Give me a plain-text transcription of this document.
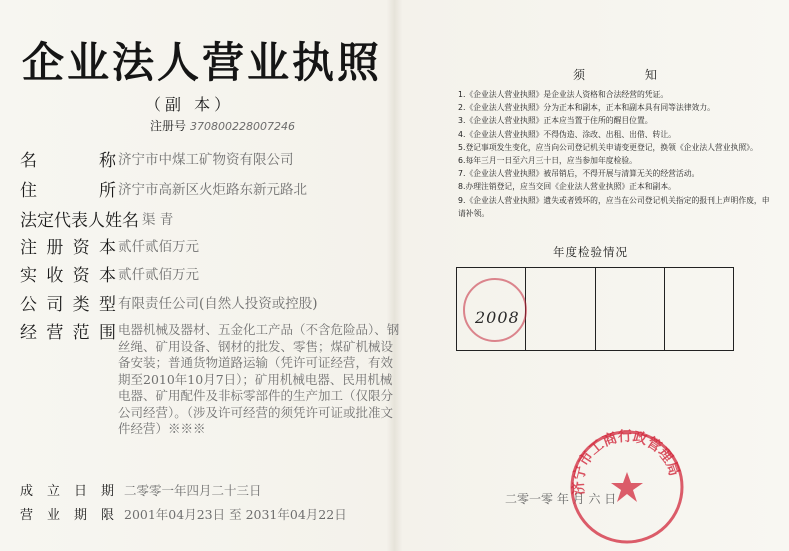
企业法人营业执照
（副 本）
注册号 370800228007246
名 称 济宁市中煤工矿物资有限公司
住 所 济宁市高新区火炬路东新元路北
法定代表人姓名 渠 青
注 册 资 本 贰仟贰佰万元
实 收 资 本 贰仟贰佰万元
公 司 类 型 有限责任公司(自然人投资或控股)
经 营 范 围 电器机械及器材、五金化工产品（不含危险品）、钢丝绳、矿用设备、钢材的批发、零售；煤矿机械设备安装；普通货物道路运输（凭许可证经营，有效期至2010年10月7日）；矿用机械电器、民用机械电器、矿用配件及非标零部件的生产加工（仅限分公司经营）。（涉及许可经营的须凭许可证或批准文件经营）※※※
成 立 日 期 二零零一年四月二十三日
营 业 期 限 2001年04月23日 至 2031年04月22日
须 知
1.《企业法人营业执照》是企业法人资格和合法经营的凭证。
2.《企业法人营业执照》分为正本和副本，正本和副本具有同等法律效力。
3.《企业法人营业执照》正本应当置于住所的醒目位置。
4.《企业法人营业执照》不得伪造、涂改、出租、出借、转让。
5.登记事项发生变化，应当向公司登记机关申请变更登记，换领《企业法人营业执照》。
6.每年三月一日至六月三十日，应当参加年度检验。
7.《企业法人营业执照》被吊销后，不得开展与清算无关的经营活动。
8.办理注销登记，应当交回《企业法人营业执照》正本和副本。
9.《企业法人营业执照》遗失或者毁坏的，应当在公司登记机关指定的报刊上声明作废，申请补领。
年度检验情况
2008
二零一零 年 月 六 日
济宁市工商行政管理局
